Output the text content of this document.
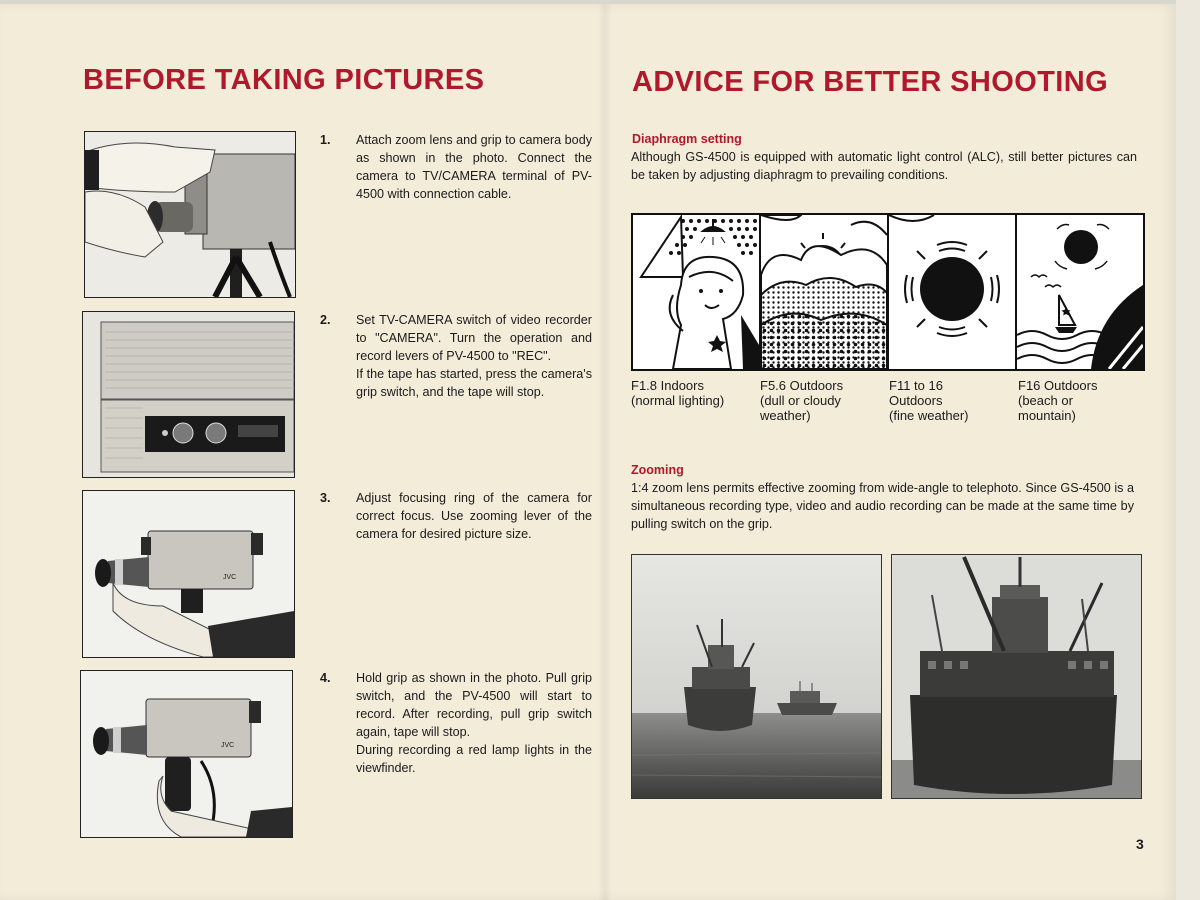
BEFORE TAKING PICTURES
JVC
JVC
1. Attach zoom lens and grip to camera body as shown in the photo. Connect the camera to TV/CAMERA terminal of PV-4500 with connection cable.

2. Set TV-CAMERA switch of video recorder to "CAMERA". Turn the operation and record levers of PV-4500 to "REC".

If the tape has started, press the camera's grip switch, and the tape will stop.

3. Adjust focusing ring of the camera for correct focus. Use zooming lever of the camera for desired picture size.

4. Hold grip as shown in the photo. Pull grip switch, and the PV-4500 will start to record. After recording, pull grip switch again, tape will stop.

During recording a red lamp lights in the viewfinder.

ADVICE FOR BETTER SHOOTING
Diaphragm setting
Although GS-4500 is equipped with automatic light control (ALC), still better pictures can be taken by adjusting diaphragm to prevailing conditions.
F1.8 Indoors
(normal lighting)
F5.6 Outdoors
(dull or cloudy
weather)
F11 to 16
Outdoors
(fine weather)
F16 Outdoors
(beach or
mountain)
Zooming
1:4 zoom lens permits effective zooming from wide-angle to telephoto. Since GS-4500 is a simultaneous recording type, video and audio recording can be made at the same time by pulling switch on the grip.
3
